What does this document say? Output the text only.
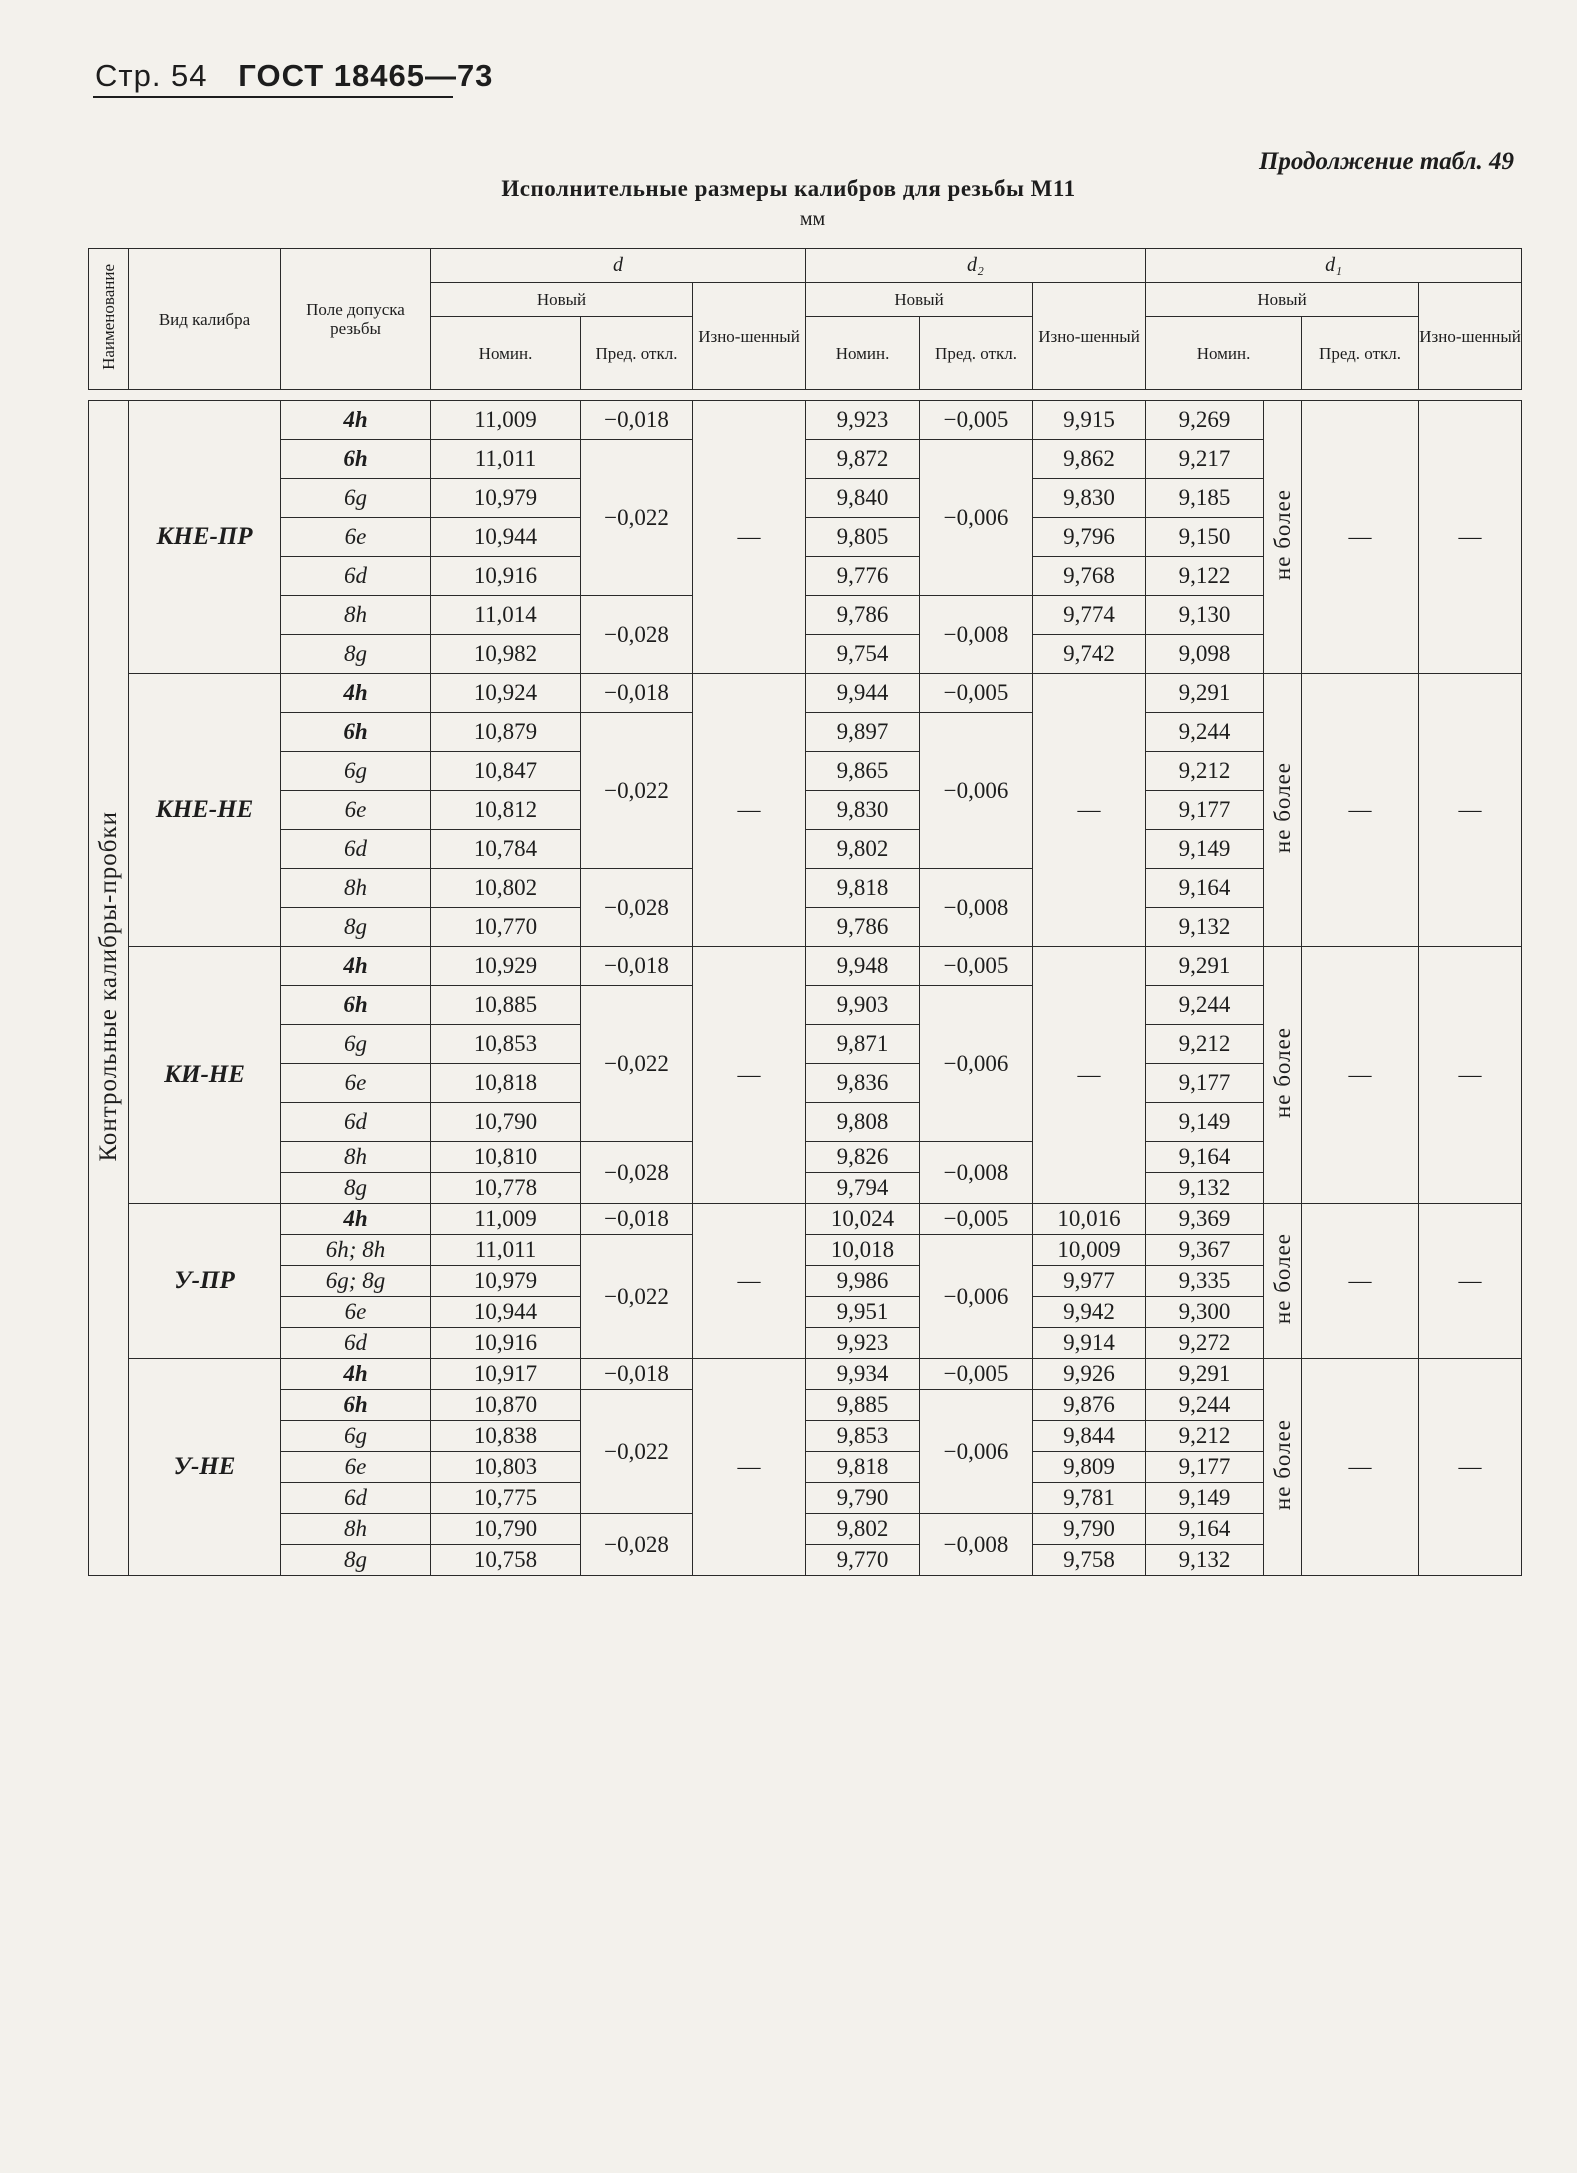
Стр. 54 ГОСТ 18465—73
Продолжение табл. 49
Исполнительные размеры калибров для резьбы М11
мм
Наименование	Вид калибра	Поле допуска резьбы	d			d₂			d₁			
			Новый		Изно-шенный	Новый		Изно-шенный	Новый			Изно-шенный
			Номин.	Пред. откл.		Номин.	Пред. откл.		Номин.		Пред. откл.	

Контрольные калибры-пробки	КНЕ-ПР	4h	11,009	−0,018	—	9,923	−0,005	9,915	9,269	не более	—	—
		6h	11,011	−0,022		9,872	−0,006	9,862	9,217			
		6g	10,979			9,840		9,830	9,185			
		6e	10,944			9,805		9,796	9,150			
		6d	10,916			9,776		9,768	9,122			
		8h	11,014	−0,028		9,786	−0,008	9,774	9,130			
		8g	10,982			9,754		9,742	9,098			
	КНЕ-НЕ	4h	10,924	−0,018	—	9,944	−0,005	—	9,291	не более	—	—
		6h	10,879	−0,022		9,897	−0,006		9,244			
		6g	10,847			9,865			9,212			
		6e	10,812			9,830			9,177			
		6d	10,784			9,802			9,149			
		8h	10,802	−0,028		9,818	−0,008		9,164			
		8g	10,770			9,786			9,132			
	КИ-НЕ	4h	10,929	−0,018	—	9,948	−0,005	—	9,291	не более	—	—
		6h	10,885	−0,022		9,903	−0,006		9,244			
		6g	10,853			9,871			9,212			
		6e	10,818			9,836			9,177			
		6d	10,790			9,808			9,149			
		8h	10,810	−0,028		9,826	−0,008		9,164			
		8g	10,778			9,794			9,132			
	У-ПР	4h	11,009	−0,018	—	10,024	−0,005	10,016	9,369	не более	—	—
		6h; 8h	11,011	−0,022		10,018	−0,006	10,009	9,367			
		6g; 8g	10,979			9,986		9,977	9,335			
		6e	10,944			9,951		9,942	9,300			
		6d	10,916			9,923		9,914	9,272			
	У-НЕ	4h	10,917	−0,018	—	9,934	−0,005	9,926	9,291	не более	—	—
		6h	10,870	−0,022		9,885	−0,006	9,876	9,244			
		6g	10,838			9,853		9,844	9,212			
		6e	10,803			9,818		9,809	9,177			
		6d	10,775			9,790		9,781	9,149			
		8h	10,790	−0,028		9,802	−0,008	9,790	9,164			
		8g	10,758			9,770		9,758	9,132			
